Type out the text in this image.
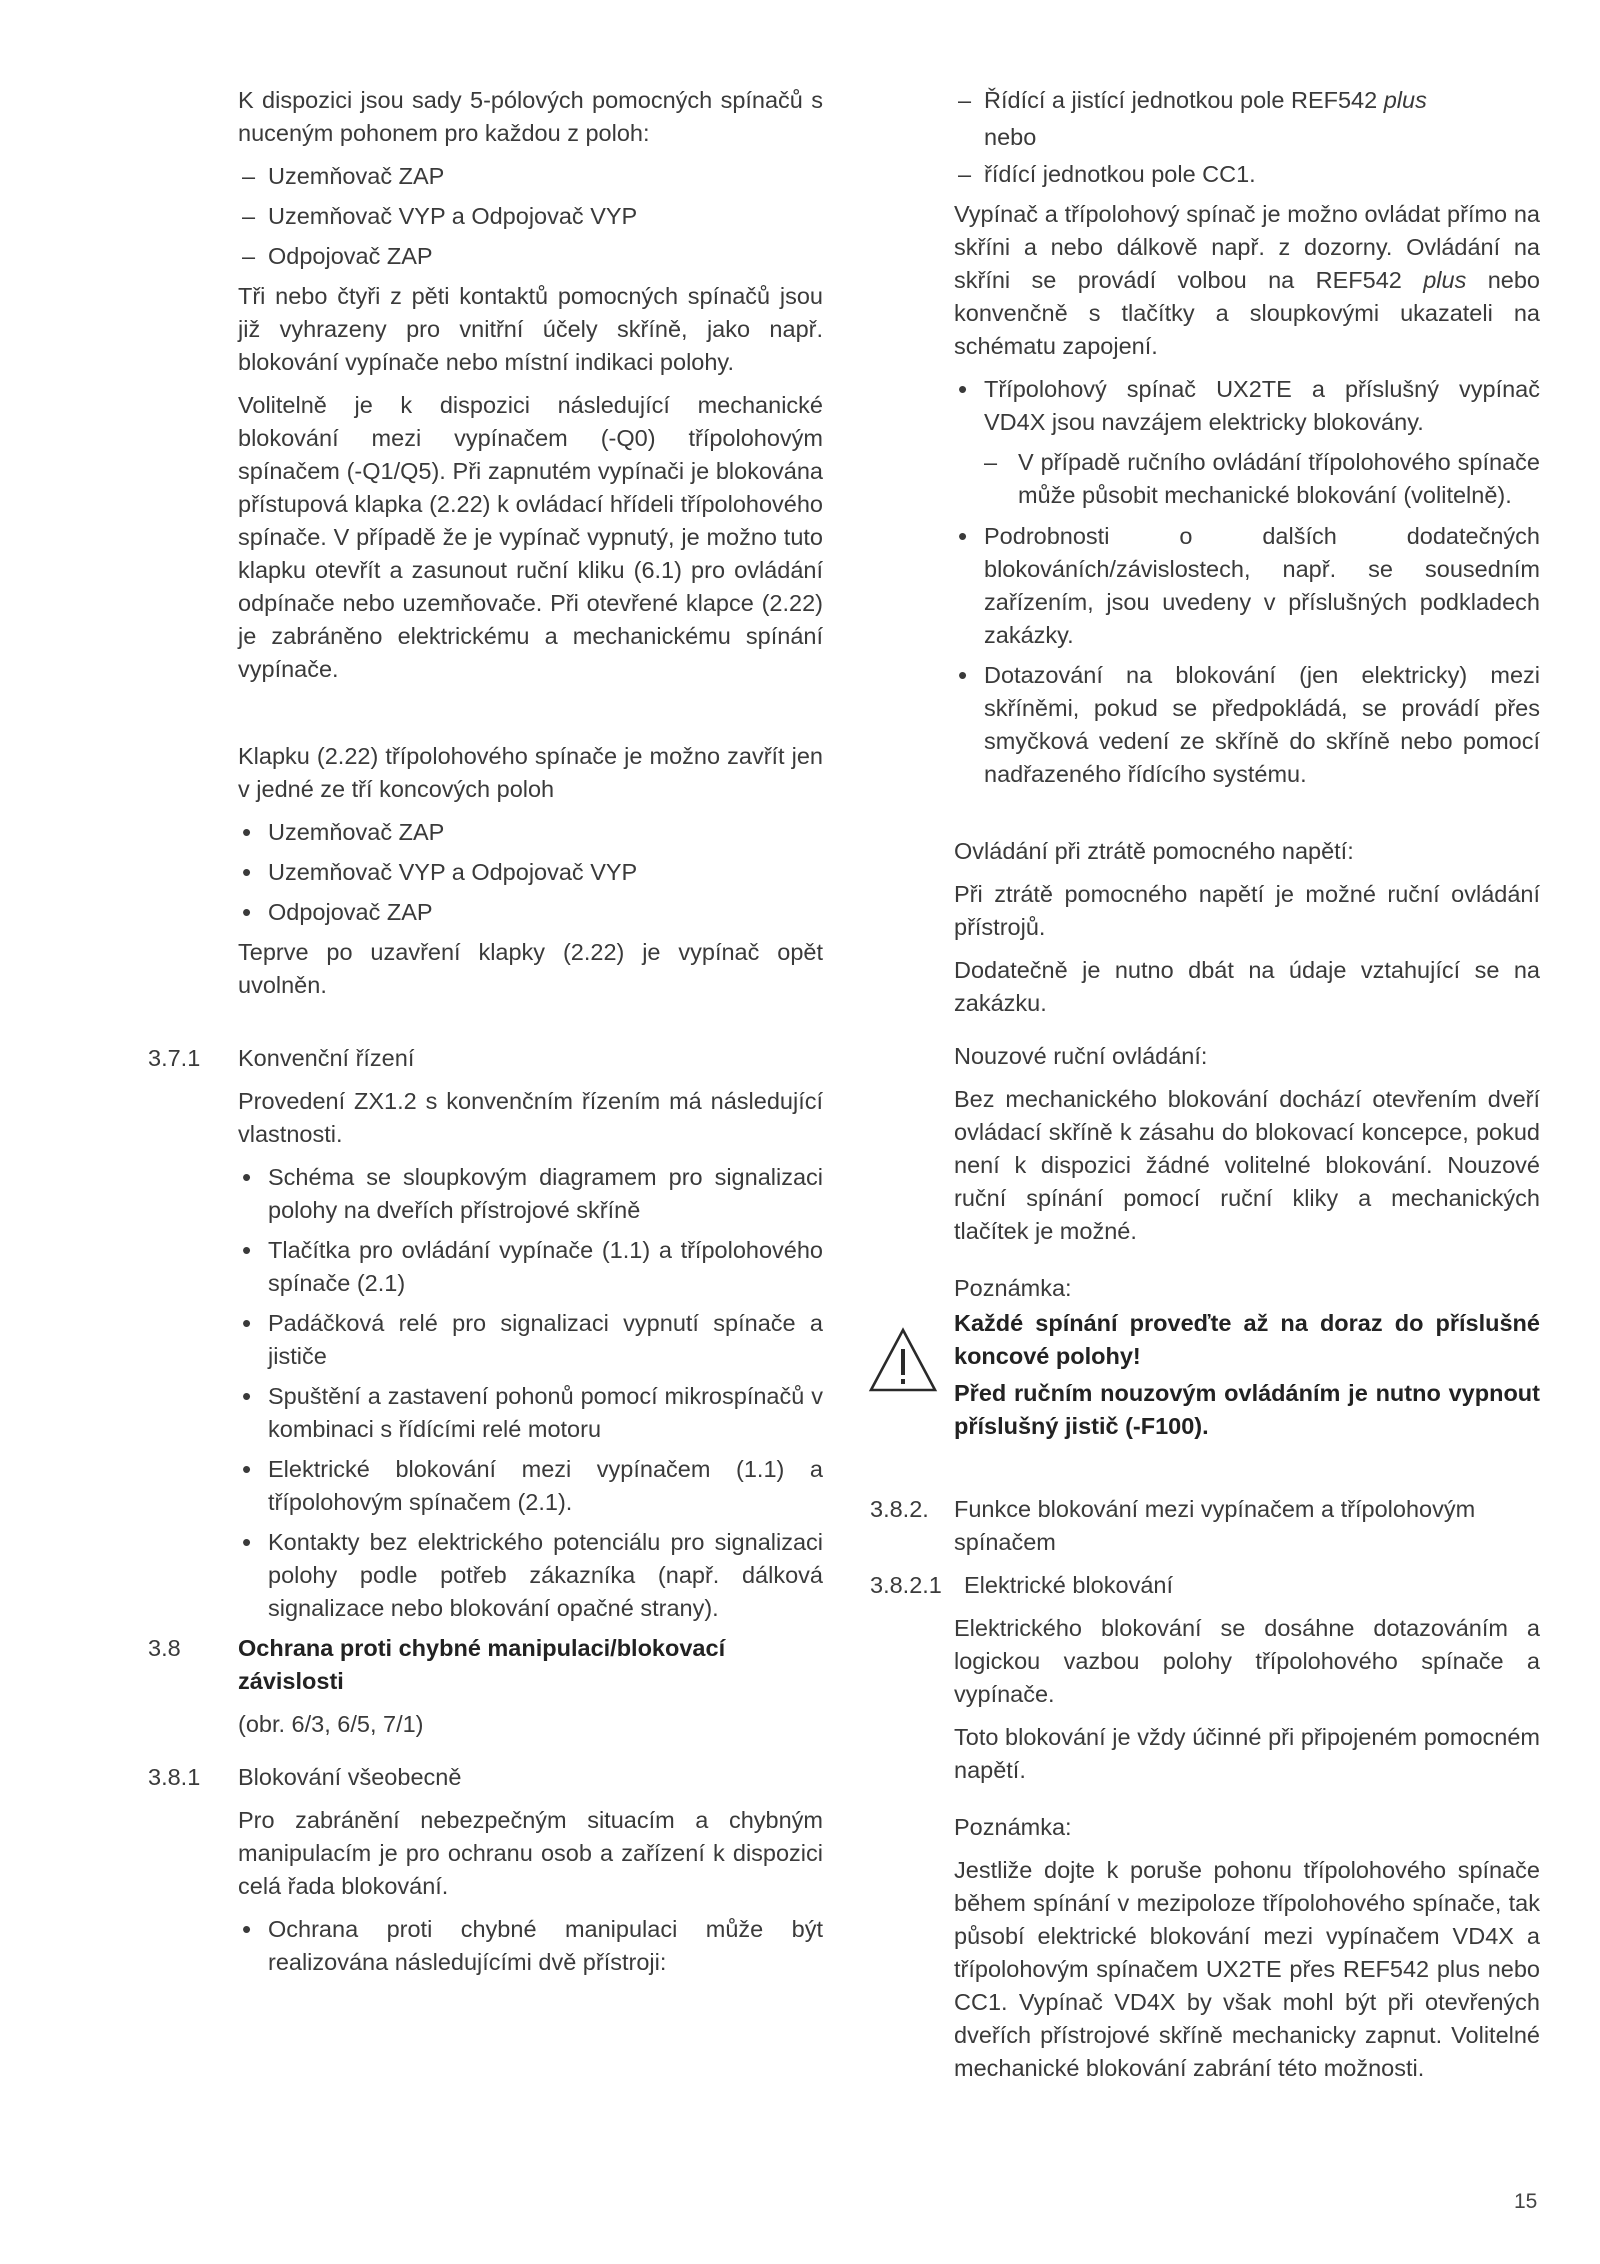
K dispozici jsou sady 5-pólových pomocných spínačů s nuceným pohonem pro každou z poloh:

– Uzemňovač ZAP
– Uzemňovač VYP a Odpojovač VYP
– Odpojovač ZAP

Tři nebo čtyři z pěti kontaktů pomocných spínačů jsou již vyhrazeny pro vnitřní účely skříně, jako např. blokování vypínače nebo místní indikaci polohy.

Volitelně je k dispozici následující mechanické blokování mezi vypínačem (-Q0) třípolohovým spínačem (-Q1/Q5). Při zapnutém vypínači je blokována přístupová klapka (2.22) k ovládací hřídeli třípolohového spínače. V případě že je vypínač vypnutý, je možno tuto klapku otevřít a zasunout ruční kliku (6.1) pro ovládání odpínače nebo uzemňovače. Při otevřené klapce (2.22) je zabráněno elektrickému a mechanickému spínání vypínače.

Klapku (2.22) třípolohového spínače je možno zavřít jen v jedné ze tří koncových poloh

• Uzemňovač ZAP
• Uzemňovač VYP a Odpojovač VYP
• Odpojovač ZAP

Teprve po uzavření klapky (2.22) je vypínač opět uvolněn.

3.7.1 Konvenční řízení

Provedení ZX1.2 s konvenčním řízením má následující vlastnosti.

• Schéma se sloupkovým diagramem pro signalizaci polohy na dveřích přístrojové skříně
• Tlačítka pro ovládání vypínače (1.1) a třípolohového spínače (2.1)
• Padáčková relé pro signalizaci vypnutí spínače a jističe
• Spuštění a zastavení pohonů pomocí mikrospínačů v kombinaci s řídícími relé motoru
• Elektrické blokování mezi vypínačem (1.1) a třípolohovým spínačem (2.1).
• Kontakty bez elektrického potenciálu pro signalizaci polohy podle potřeb zákazníka (např. dálková signalizace nebo blokování opačné strany).
3.8 Ochrana proti chybné manipulaci/blokovací závislosti

(obr. 6/3, 6/5, 7/1)

3.8.1 Blokování všeobecně

Pro zabránění nebezpečným situacím a chybným manipulacím je pro ochranu osob a zařízení k dispozici celá řada blokování.

• Ochrana proti chybné manipulaci může být realizována následujícími dvě přístroji:
– Řídící a jistící jednotkou pole REF542 plus

nebo

– řídící jednotkou pole CC1.

Vypínač a třípolohový spínač je možno ovládat přímo na skříni a nebo dálkově např. z dozorny. Ovládání na skříni se provádí volbou na REF542 plus nebo konvenčně s tlačítky a sloupkovými ukazateli na schématu zapojení.

• Třípolohový spínač UX2TE a příslušný vypínač VD4X jsou navzájem elektricky blokovány.
– V případě ručního ovládání třípolohového spínače může působit mechanické blokování (volitelně).
• Podrobnosti o dalších dodatečných blokováních/závislostech, např. se sousedním zařízením, jsou uvedeny v příslušných podkladech zakázky.
• Dotazování na blokování (jen elektricky) mezi skříněmi, pokud se předpokládá, se provádí přes smyčková vedení ze skříně do skříně nebo pomocí nadřazeného řídícího systému.

Ovládání při ztrátě pomocného napětí:

Při ztrátě pomocného napětí je možné ruční ovládání přístrojů.

Dodatečně je nutno dbát na údaje vztahující se na zakázku.

Nouzové ruční ovládání:

Bez mechanického blokování dochází otevřením dveří ovládací skříně k zásahu do blokovací koncepce, pokud není k dispozici žádné volitelné blokování. Nouzové ruční spínání pomocí ruční kliky a mechanických tlačítek je možné.

Poznámka:

Každé spínání proveďte až na doraz do příslušné koncové polohy!

Před ručním nouzovým ovládáním je nutno vypnout příslušný jistič (-F100).

3.8.2. Funkce blokování mezi vypínačem a třípolohovým spínačem
3.8.2.1 Elektrické blokování

Elektrického blokování se dosáhne dotazováním a logickou vazbou polohy třípolohového spínače a vypínače.

Toto blokování je vždy účinné při připojeném pomocném napětí.

Poznámka:

Jestliže dojte k poruše pohonu třípolohového spínače během spínání v mezipoloze třípolohového spínače, tak působí elektrické blokování mezi vypínačem VD4X a třípolohovým spínačem UX2TE přes REF542 plus nebo CC1. Vypínač VD4X by však mohl být při otevřených dveřích přístrojové skříně mechanicky zapnut. Volitelné mechanické blokování zabrání této možnosti.

15
